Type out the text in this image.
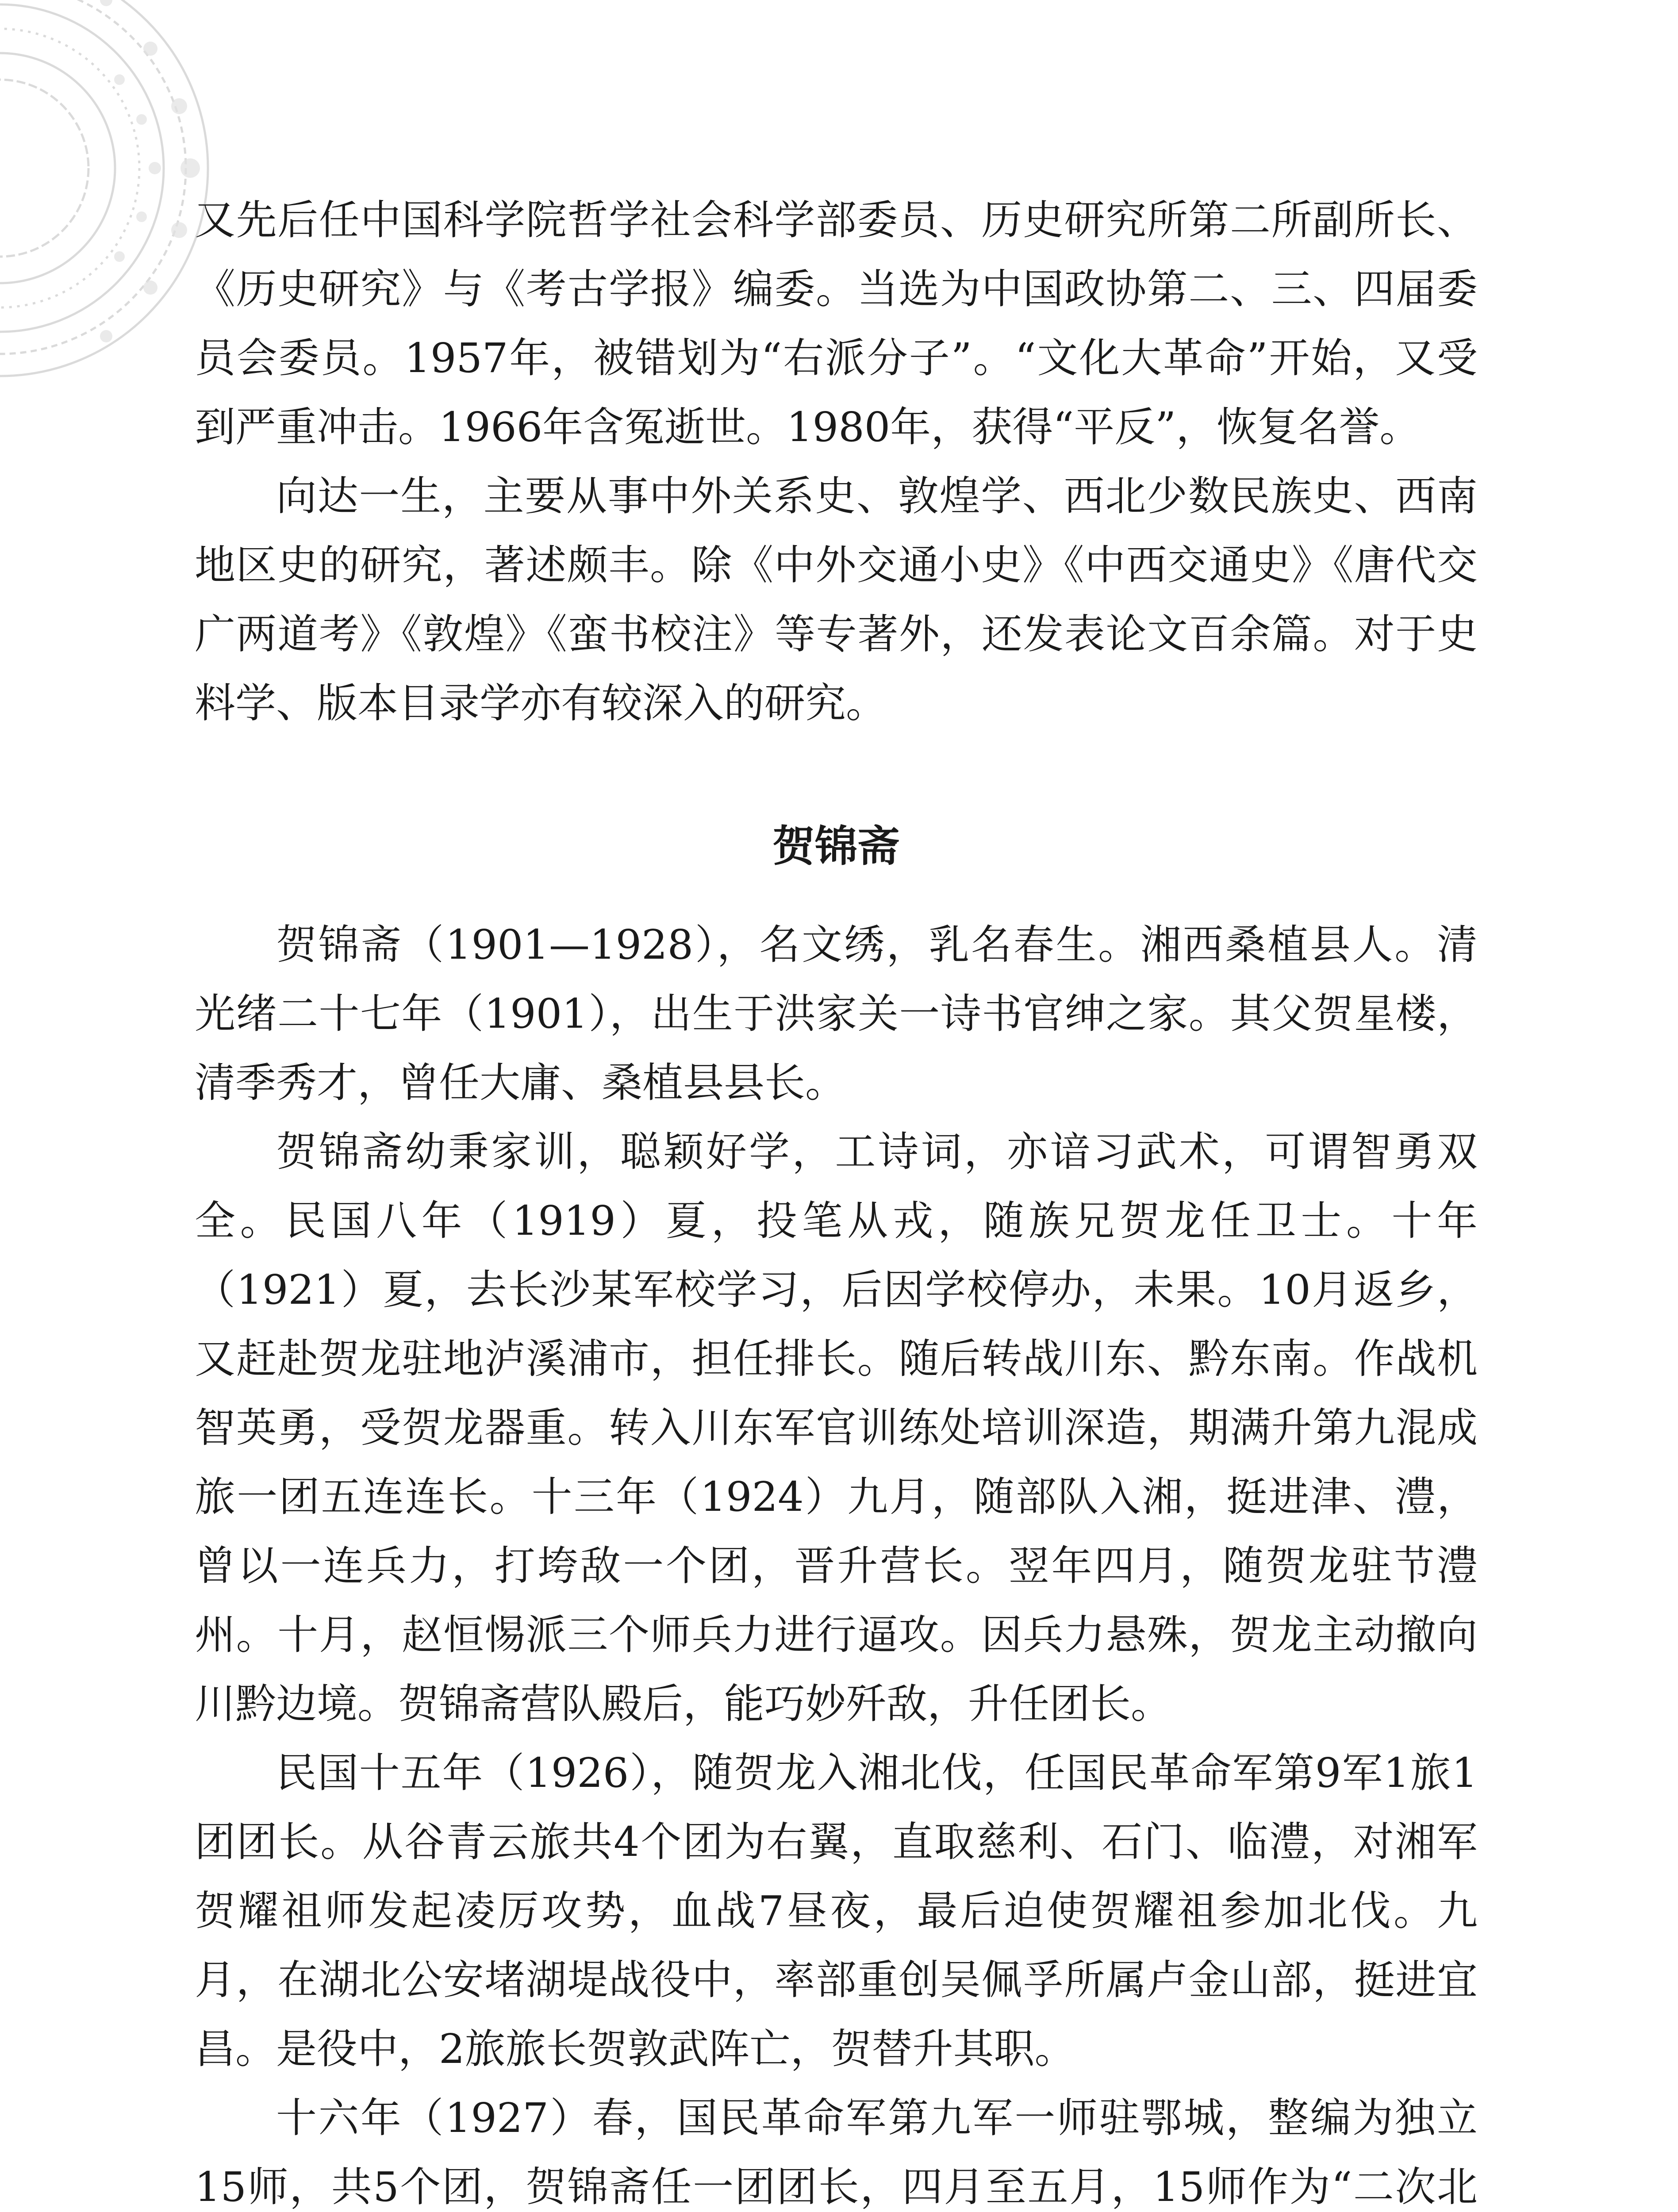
又先后任中国科学院哲学社会科学部委员、历史研究所第二所副所长、《历史研究》与《考古学报》编委。当选为中国政协第二、三、四届委员会委员。1957年，被错划为“右派分子”。“文化大革命”开始，又受到严重冲击。1966年含冤逝世。1980年，获得“平反”，恢复名誉。

向达一生，主要从事中外关系史、敦煌学、西北少数民族史、西南地区史的研究，著述颇丰。除《中外交通小史》《中西交通史》《唐代交广两道考》《敦煌》《蛮书校注》等专著外，还发表论文百余篇。对于史料学、版本目录学亦有较深入的研究。

贺锦斋

贺锦斋（1901—1928），名文绣，乳名春生。湘西桑植县人。清光绪二十七年（1901），出生于洪家关一诗书官绅之家。其父贺星楼，清季秀才，曾任大庸、桑植县县长。

贺锦斋幼秉家训，聪颖好学，工诗词，亦谙习武术，可谓智勇双全。民国八年（1919）夏，投笔从戎，随族兄贺龙任卫士。十年（1921）夏，去长沙某军校学习，后因学校停办，未果。10月返乡，又赶赴贺龙驻地泸溪浦市，担任排长。随后转战川东、黔东南。作战机智英勇，受贺龙器重。转入川东军官训练处培训深造，期满升第九混成旅一团五连连长。十三年（1924）九月，随部队入湘，挺进津、澧，曾以一连兵力，打垮敌一个团，晋升营长。翌年四月，随贺龙驻节澧州。十月，赵恒惕派三个师兵力进行逼攻。因兵力悬殊，贺龙主动撤向川黔边境。贺锦斋营队殿后，能巧妙歼敌，升任团长。

民国十五年（1926），随贺龙入湘北伐，任国民革命军第9军1旅1团团长。从谷青云旅共4个团为右翼，直取慈利、石门、临澧，对湘军贺耀祖师发起凌厉攻势，血战7昼夜，最后迫使贺耀祖参加北伐。九月，在湖北公安堵湖堤战役中，率部重创吴佩孚所属卢金山部，挺进宜昌。是役中，2旅旅长贺敦武阵亡，贺替升其职。

十六年（1927）春，国民革命军第九军一师驻鄂城，整编为独立15师，共5个团，贺锦斋任一团团长，四月至五月，15师作为“二次北
